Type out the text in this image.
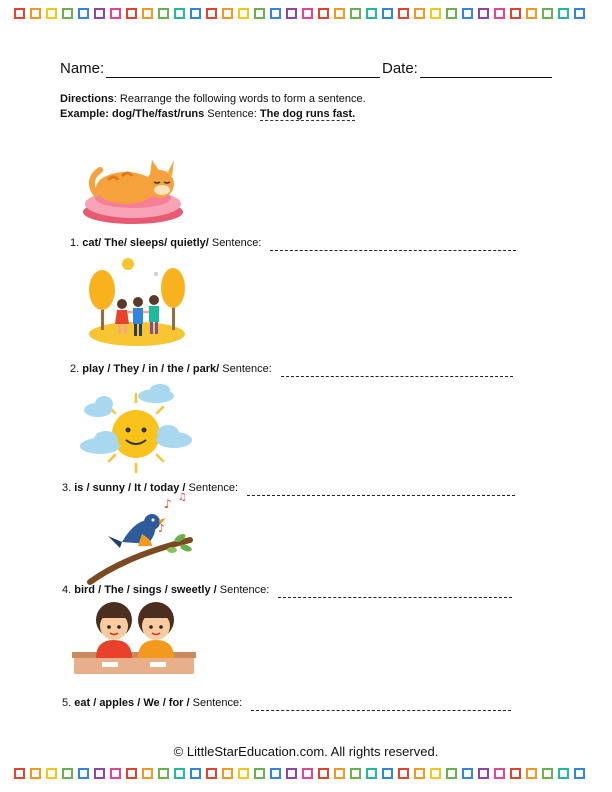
Name:	Date:
Directions: Rearrange the following words to form a sentence.
Example: dog/The/fast/runs Sentence: The dog runs fast.
1. cat/ The/ sleeps/ quietly/ Sentence:
2. play / They / in / the / park/ Sentence:
3. is / sunny / It / today / Sentence:
♪ ♫
♪
4. bird / The / sings / sweetly / Sentence:
5. eat / apples / We / for / Sentence:
© LittleStarEducation.com. All rights reserved.
